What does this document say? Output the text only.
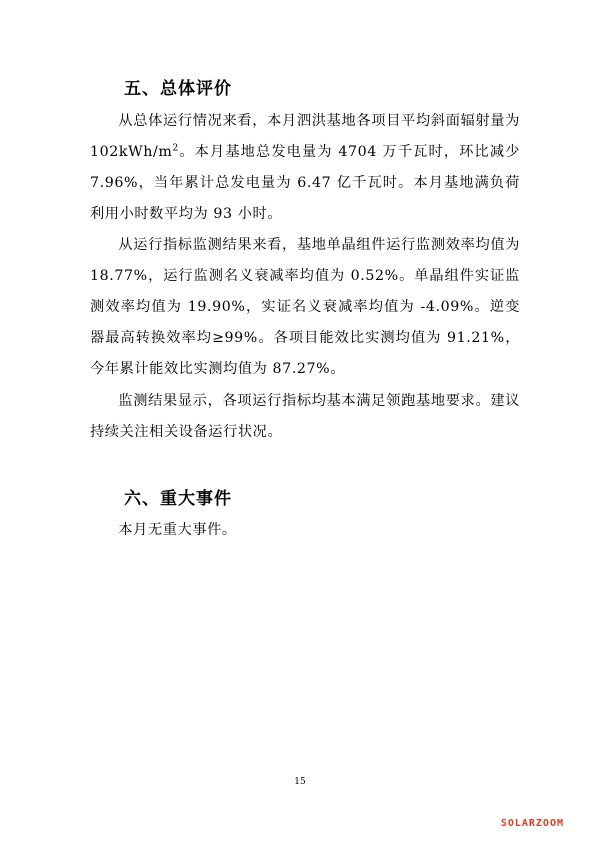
五、总体评价
从总体运行情况来看，本月泗洪基地各项目平均斜面辐射量为 $102kWh/m^2$。本月基地总发电量为 4704 万千瓦时，环比减少 7.96%，当年累计总发电量为 6.47 亿千瓦时。本月基地满负荷利用小时数平均为 93 小时。
从运行指标监测结果来看，基地单晶组件运行监测效率均值为 18.77%，运行监测名义衰减率均值为 0.52%。单晶组件实证监测效率均值为 19.90%，实证名义衰减率均值为 -4.09%。逆变器最高转换效率均≥99%。各项目能效比实测均值为 91.21%，今年累计能效比实测均值为 87.27%。
监测结果显示，各项运行指标均基本满足领跑基地要求。建议持续关注相关设备运行状况。
六、重大事件
本月无重大事件。
15
SOLARZOOM
